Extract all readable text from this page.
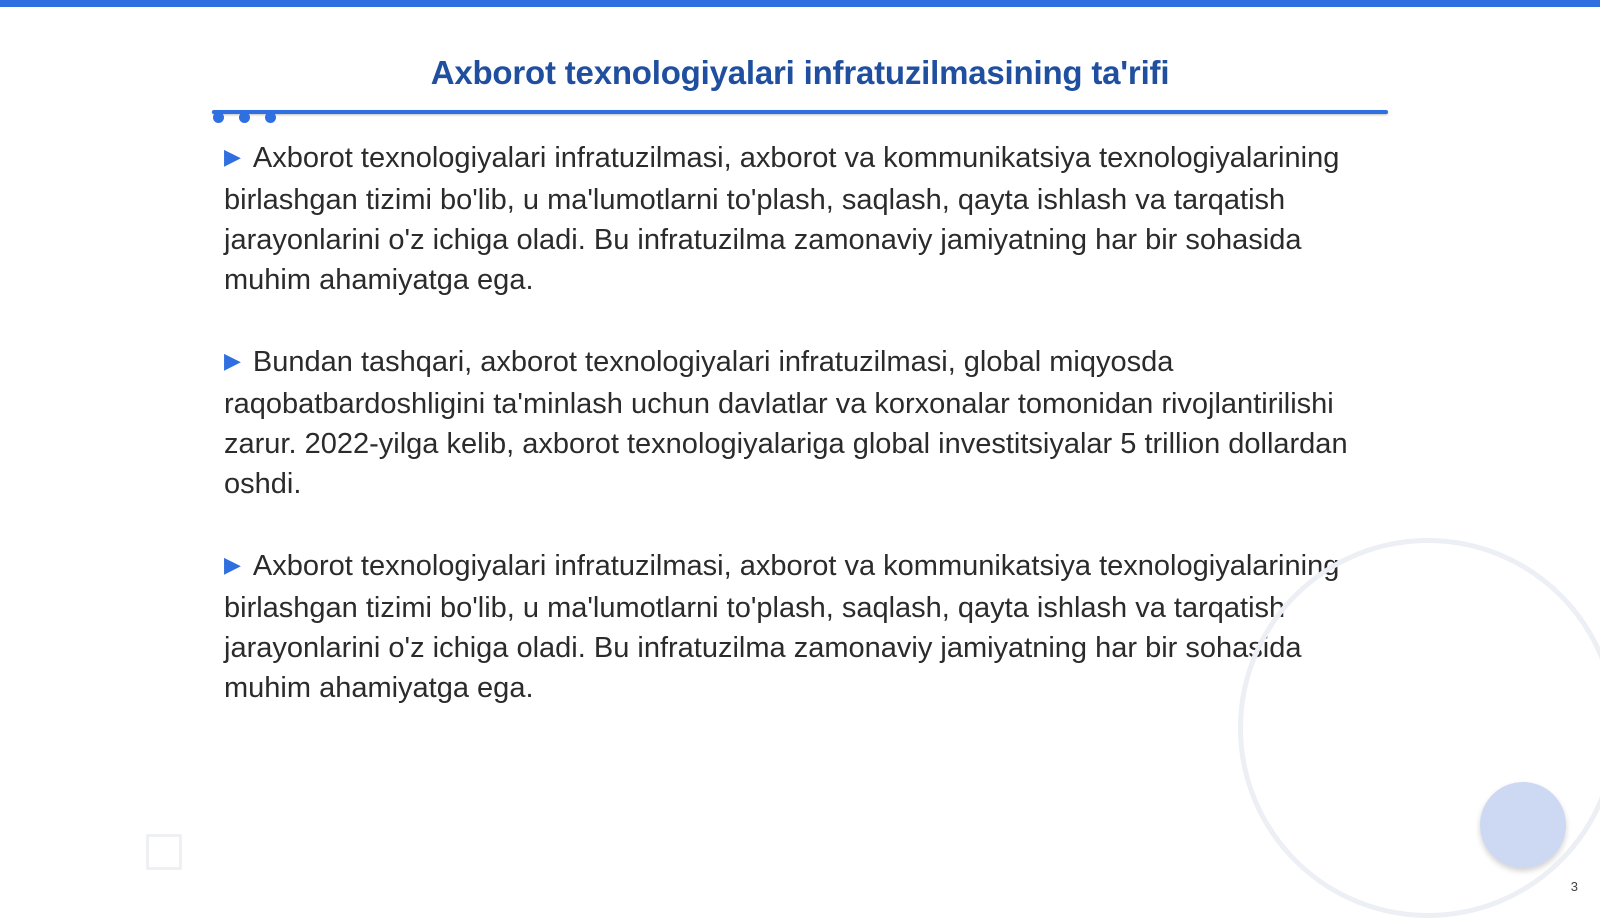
Axborot texnologiyalari infratuzilmasining ta'rifi

▶ Axborot texnologiyalari infratuzilmasi, axborot va kommunikatsiya texnologiyalarining birlashgan tizimi bo'lib, u ma'lumotlarni to'plash, saqlash, qayta ishlash va tarqatish jarayonlarini o'z ichiga oladi. Bu infratuzilma zamonaviy jamiyatning har bir sohasida muhim ahamiyatga ega.

▶ Bundan tashqari, axborot texnologiyalari infratuzilmasi, global miqyosda raqobatbardoshligini ta'minlash uchun davlatlar va korxonalar tomonidan rivojlantirilishi zarur. 2022-yilga kelib, axborot texnologiyalariga global investitsiyalar 5 trillion dollardan oshdi.

▶ Axborot texnologiyalari infratuzilmasi, axborot va kommunikatsiya texnologiyalarining birlashgan tizimi bo'lib, u ma'lumotlarni to'plash, saqlash, qayta ishlash va tarqatish jarayonlarini o'z ichiga oladi. Bu infratuzilma zamonaviy jamiyatning har bir sohasida muhim ahamiyatga ega.

3
